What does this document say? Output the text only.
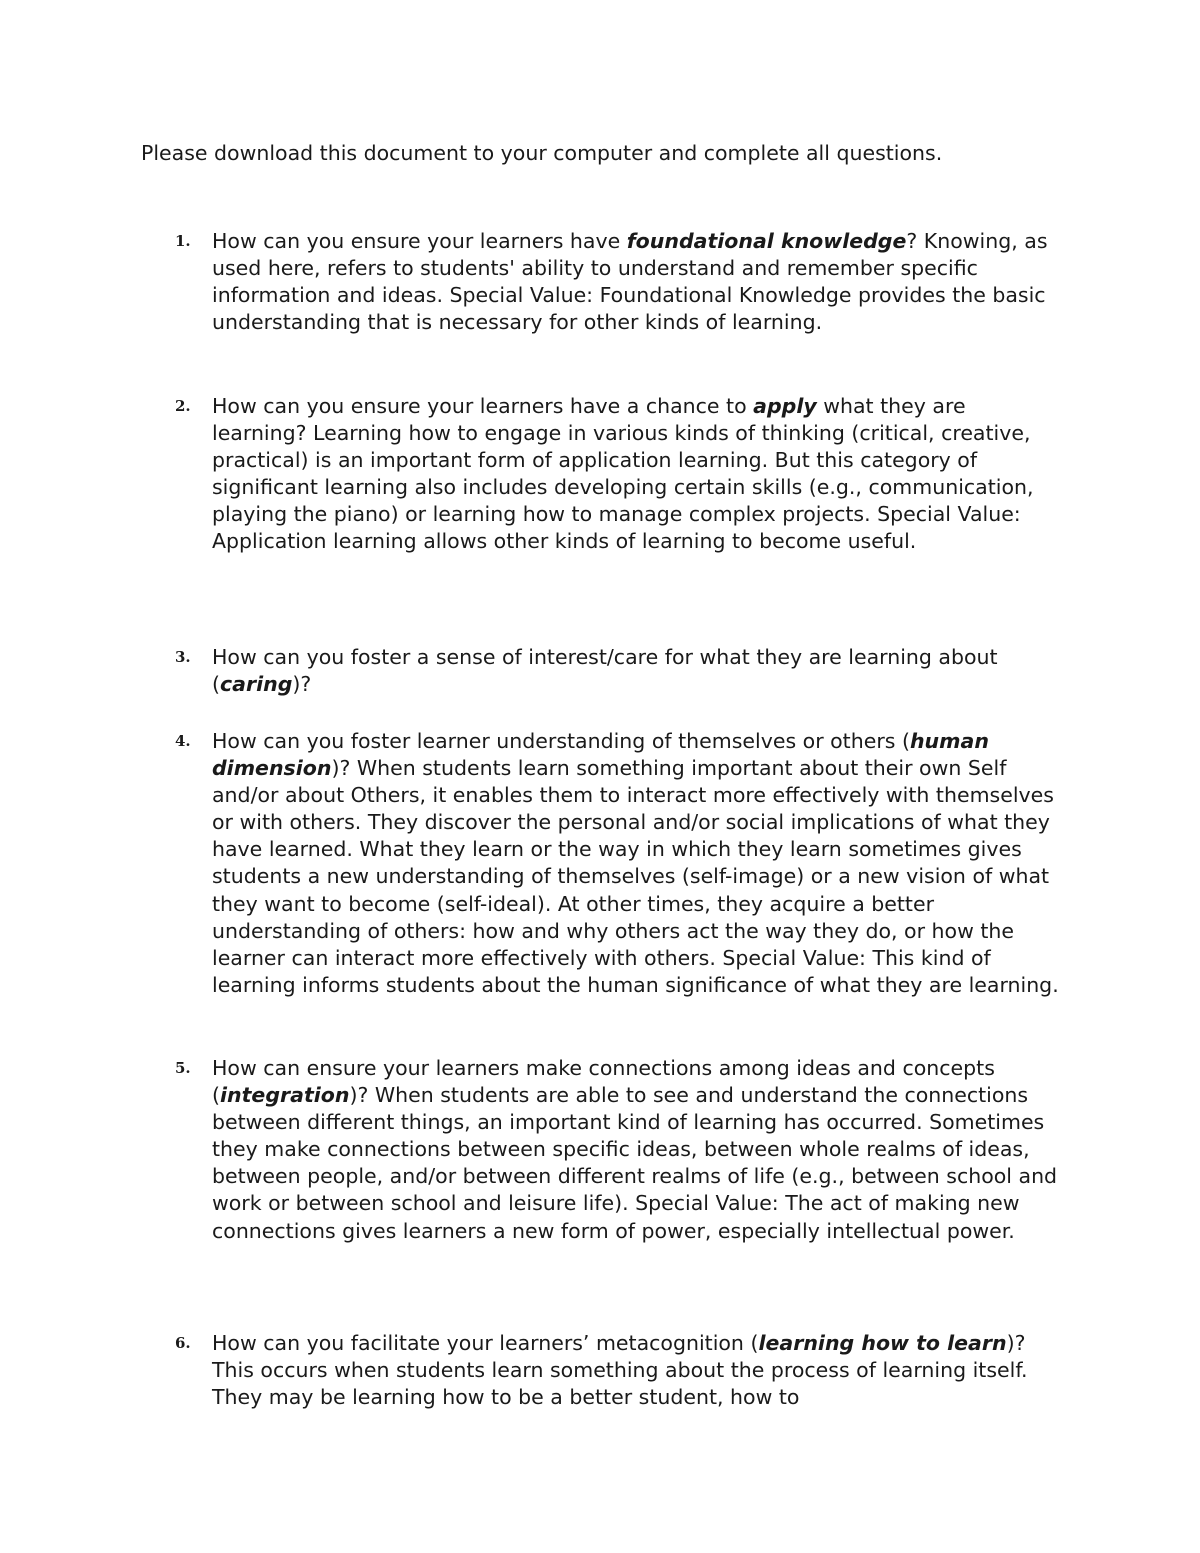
Please download this document to your computer and complete all questions.

1. How can you ensure your learners have foundational knowledge? Knowing, as used here, refers to students' ability to understand and remember specific information and ideas. Special Value: Foundational Knowledge provides the basic understanding that is necessary for other kinds of learning.
2. How can you ensure your learners have a chance to apply what they are learning? Learning how to engage in various kinds of thinking (critical, creative, practical) is an important form of application learning. But this category of significant learning also includes developing certain skills (e.g., communication, playing the piano) or learning how to manage complex projects. Special Value: Application learning allows other kinds of learning to become useful.
3. How can you foster a sense of interest/care for what they are learning about (caring)?
4. How can you foster learner understanding of themselves or others (human dimension)? When students learn something important about their own Self and/or about Others, it enables them to interact more effectively with themselves or with others. They discover the personal and/or social implications of what they have learned. What they learn or the way in which they learn sometimes gives students a new understanding of themselves (self-image) or a new vision of what they want to become (self-ideal). At other times, they acquire a better understanding of others: how and why others act the way they do, or how the learner can interact more effectively with others. Special Value: This kind of learning informs students about the human significance of what they are learning.
5. How can ensure your learners make connections among ideas and concepts (integration)? When students are able to see and understand the connections between different things, an important kind of learning has occurred. Sometimes they make connections between specific ideas, between whole realms of ideas, between people, and/or between different realms of life (e.g., between school and work or between school and leisure life). Special Value: The act of making new connections gives learners a new form of power, especially intellectual power.
6. How can you facilitate your learners’ metacognition (learning how to learn)? This occurs when students learn something about the process of learning itself. They may be learning how to be a better student, how to
